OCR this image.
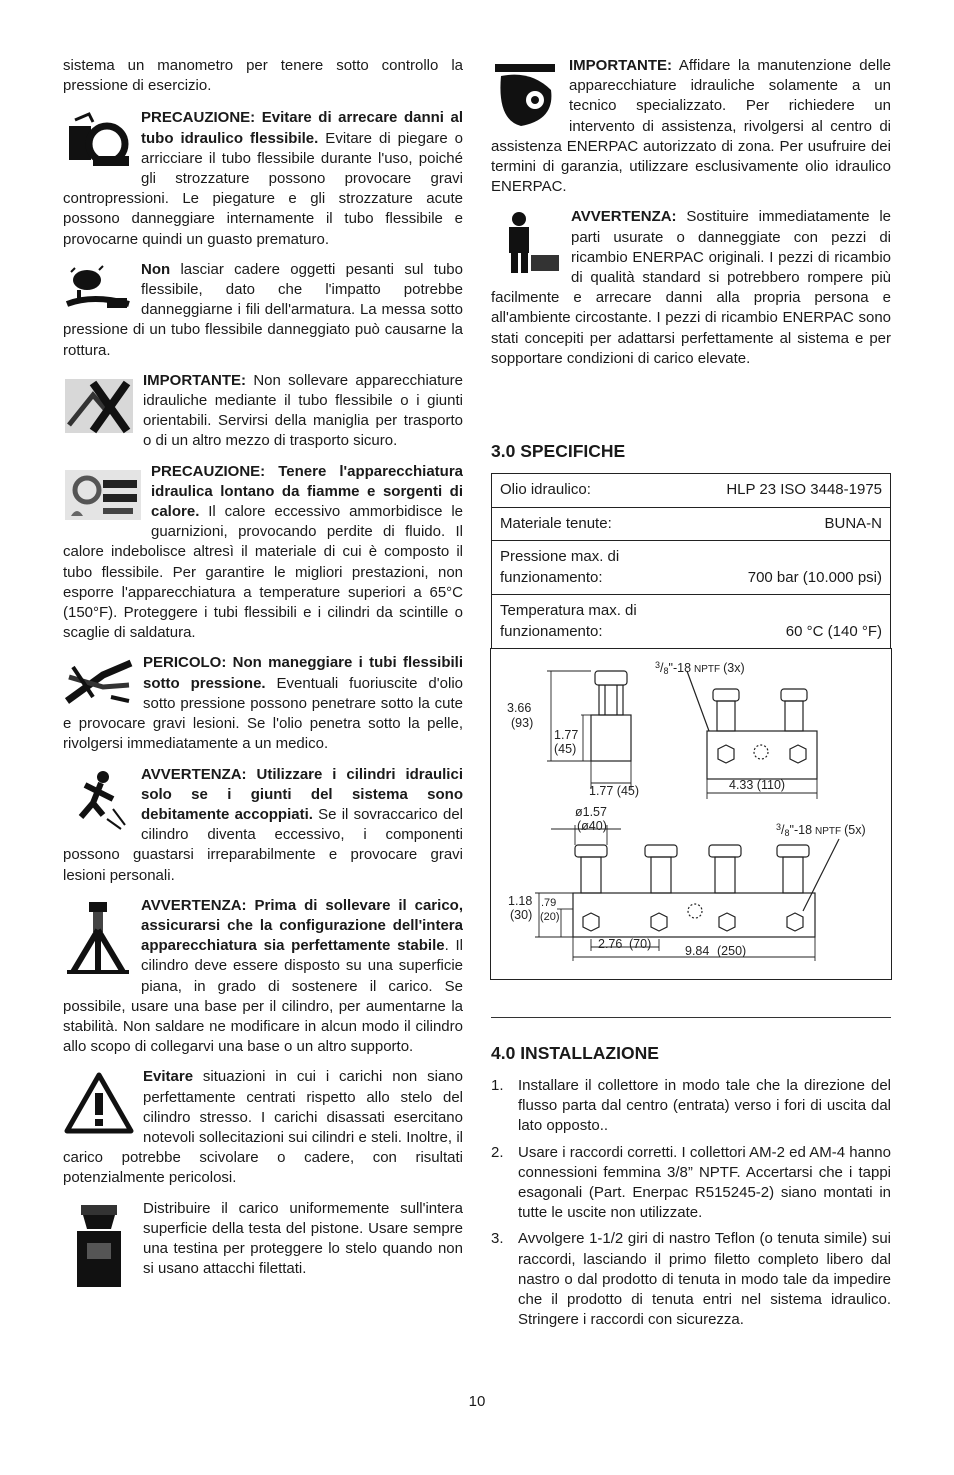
sistema un manometro per tenere sotto controllo la pressione di esercizio.

PRECAUZIONE: Evitare di arrecare danni al tubo idraulico flessibile. Evitare di piegare o arricciare il tubo flessibile durante l'uso, poiché gli strozzature possono provocare gravi contropressioni. Le piegature e gli strozzature acute possono danneggiare internamente il tubo flessibile e provocarne quindi un guasto prematuro.
Non lasciar cadere oggetti pesanti sul tubo flessibile, dato che l'impatto potrebbe danneggiarne i fili dell'armatura. La messa sotto pressione di un tubo flessibile danneggiato può causarne la rottura.
IMPORTANTE: Non sollevare apparecchiature idrauliche mediante il tubo flessibile o i giunti orientabili. Servirsi della maniglia per trasporto o di un altro mezzo di trasporto sicuro.
PRECAUZIONE: Tenere l'apparecchiatura idraulica lontano da fiamme e sorgenti di calore. Il calore eccessivo ammorbidisce le guarnizioni, provocando perdite di fluido. Il calore indebolisce altresì il materiale di cui è composto il tubo flessibile. Per garantire le migliori prestazioni, non esporre l'apparecchiatura a temperature superiori a 65°C (150°F). Proteggere i tubi flessibili e i cilindri da scintille o scaglie di saldatura.
PERICOLO: Non maneggiare i tubi flessibili sotto pressione. Eventuali fuoriuscite d'olio sotto pressione possono penetrare sotto la cute e provocare gravi lesioni. Se l'olio penetra sotto la pelle, rivolgersi immediatamente a un medico.
AVVERTENZA: Utilizzare i cilindri idraulici solo se i giunti del sistema sono debitamente accoppiati. Se il sovraccarico del cilindro diventa eccessivo, i componenti possono guastarsi irreparabilmente e provocare gravi lesioni personali.
AVVERTENZA: Prima di sollevare il carico, assicurarsi che la configurazione dell'intera apparecchiatura sia perfettamente stabile. Il cilindro deve essere disposto su una superficie piana, in grado di sostenere il carico. Se possibile, usare una base per il cilindro, per aumentarne la stabilità. Non saldare ne modificare in alcun modo il cilindro allo scopo di collegarvi una base o un altro supporto.
Evitare situazioni in cui i carichi non siano perfettamente centrati rispetto allo stelo del cilindro stresso. I carichi disassati esercitano notevoli sollecitazioni sui cilindri e steli. Inoltre, il carico potrebbe scivolare o cadere, con risultati potenzialmente pericolosi.
Distribuire il carico uniformemente sull'intera superficie della testa del pistone. Usare sempre una testina per proteggere lo stelo quando non si usano attacchi filettati.
IMPORTANTE: Affidare la manutenzione delle apparecchiature idrauliche solamente a un tecnico specializzato. Per richiedere un intervento di assistenza, rivolgersi al centro di assistenza ENERPAC autorizzato di zona. Per usufruire dei termini di garanzia, utilizzare esclusivamente olio idraulico ENERPAC.
AVVERTENZA: Sostituire immediatamente le parti usurate o danneggiate con pezzi di ricambio ENERPAC originali. I pezzi di ricambio di qualità standard si potrebbero rompere più facilmente e arrecare danni alla propria persona e all'ambiente circostante. I pezzi di ricambio ENERPAC sono stati concepiti per adattarsi perfettamente al sistema e per sopportare condizioni di carico elevate.
3.0 SPECIFICHE
Olio idraulico:	HLP 23 ISO 3448-1975

Materiale tenute:	BUNA-N

Pressione max. di
funzionamento:	700 bar (10.000 psi)

Temperatura max. di
funzionamento:	60 °C (140 °F)
$^3$/8"-18 NPTF (3x)
$^3$/8"-18 NPTF (5x)
3.66
(93)
1.77
(45)
1.77 (45)	4.33 (110)
ø1.57
(ø40)
1.18
(30)
.79
(20)
2.76 (70)	9.84 (250)
4.0 INSTALLAZIONE
1. Installare il collettore in modo tale che la direzione del flusso parta dal centro (entrata) verso i fori di uscita dal lato opposto..
2. Usare i raccordi corretti. I collettori AM-2 ed AM-4 hanno connessioni femmina 3/8” NPTF. Accertarsi che i tappi esagonali (Part. Enerpac R515245-2) siano montati in tutte le uscite non utilizzate.
3. Avvolgere 1-1/2 giri di nastro Teflon (o tenuta simile) sui raccordi, lasciando il primo filetto completo libero dal nastro o dal prodotto di tenuta in modo tale da impedire che il prodotto di tenuta entri nel sistema idraulico. Stringere i raccordi con sicurezza.
10
